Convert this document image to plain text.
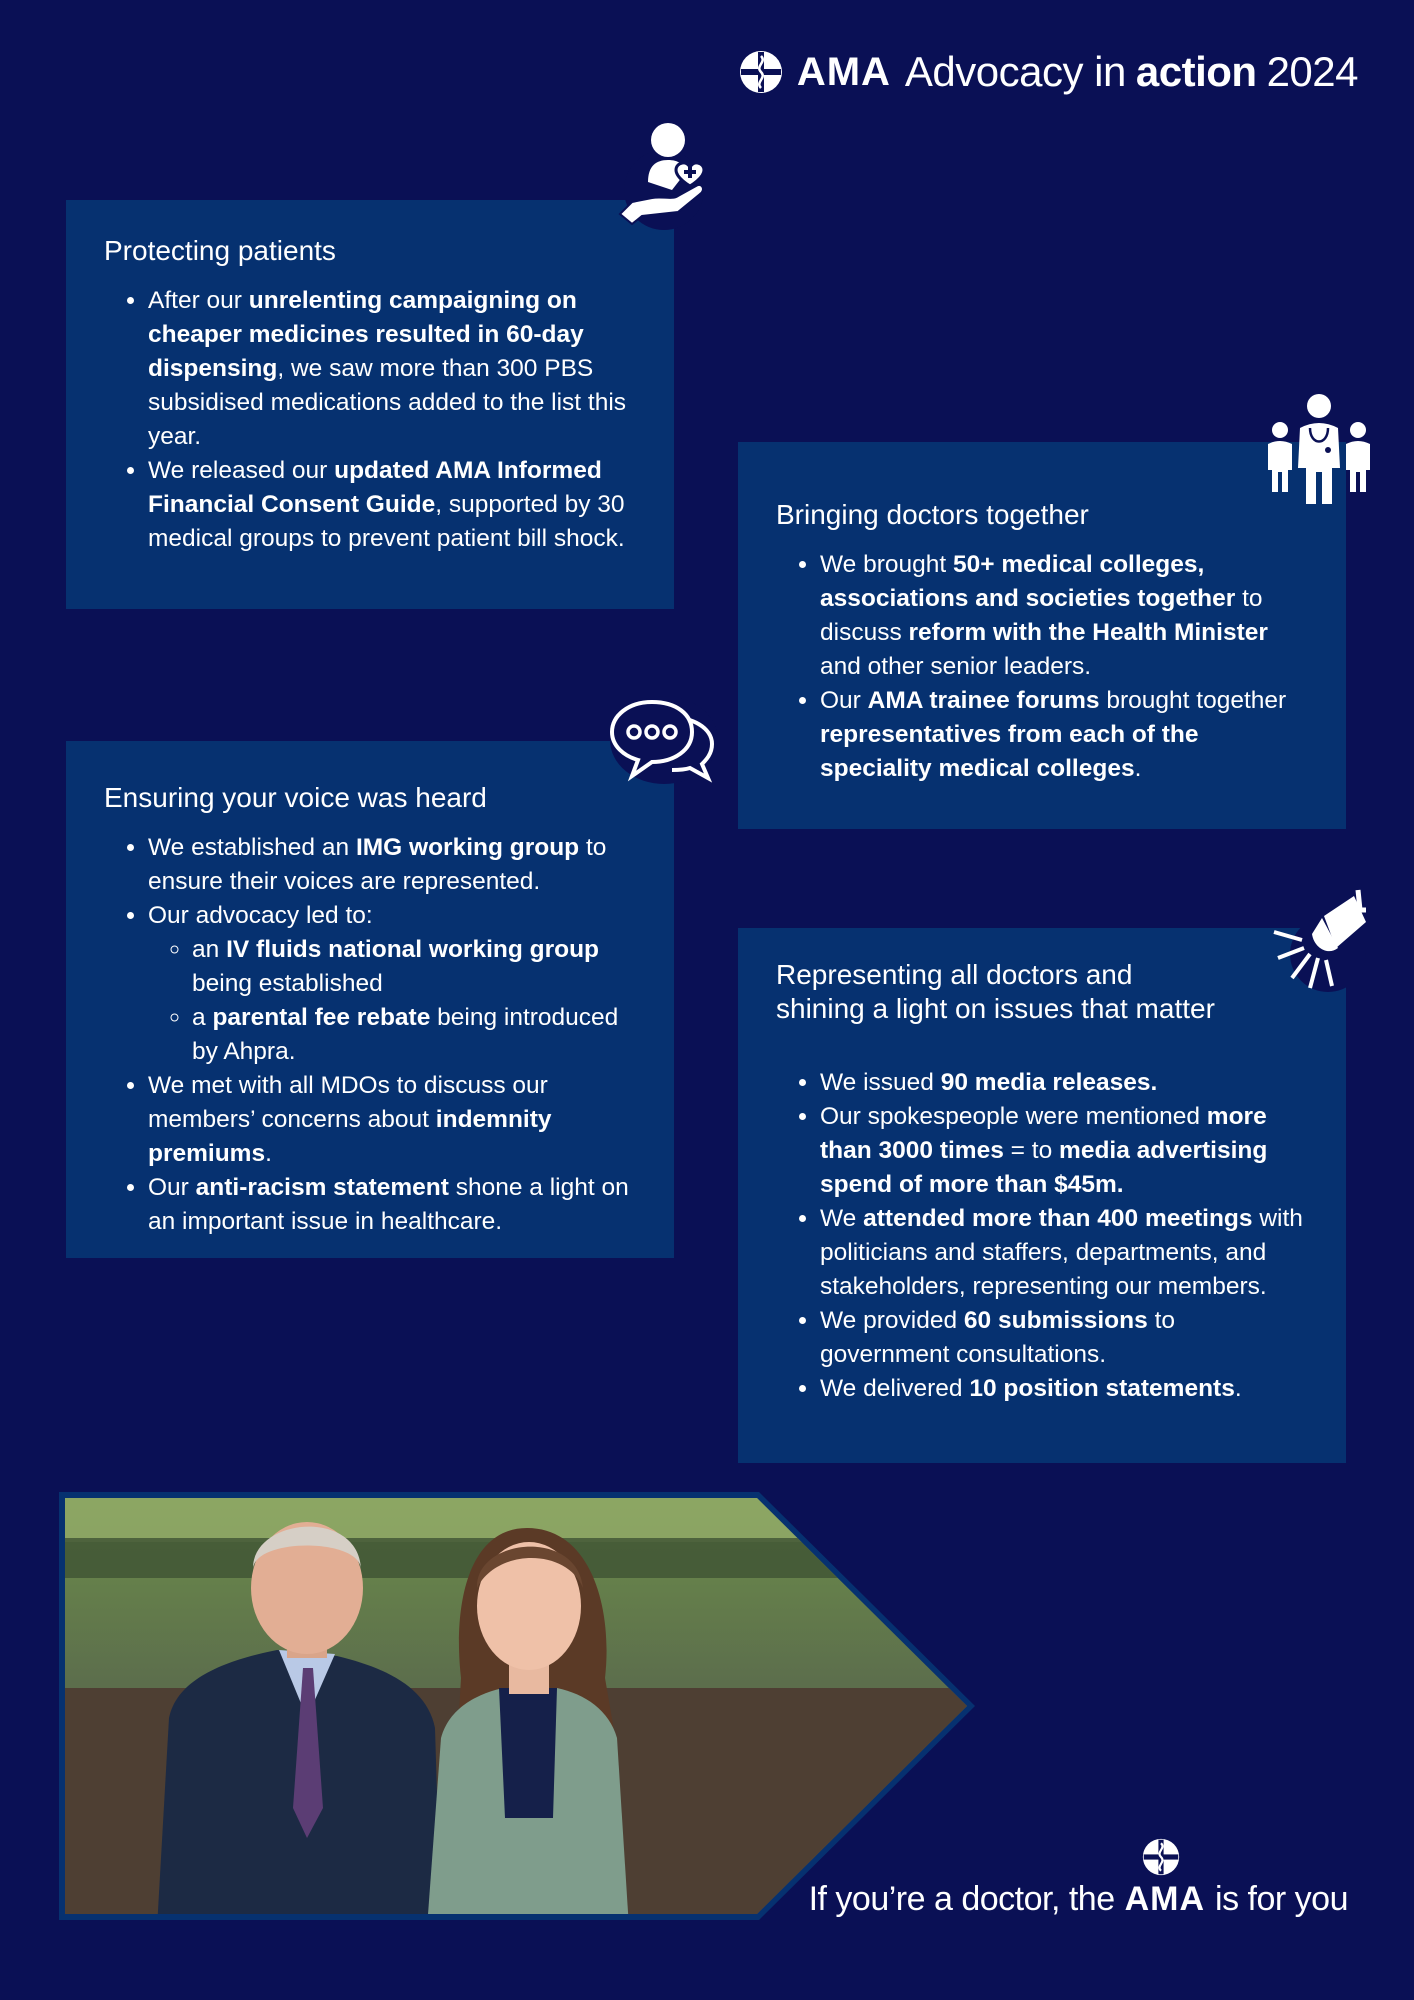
AMA Advocacy in action 2024
Protecting patients
• After our unrelenting campaigning on cheaper medicines resulted in 60-day dispensing, we saw more than 300 PBS subsidised medications added to the list this year.
• We released our updated AMA Informed Financial Consent Guide, supported by 30 medical groups to prevent patient bill shock.
Bringing doctors together
• We brought 50+ medical colleges, associations and societies together to discuss reform with the Health Minister and other senior leaders.
• Our AMA trainee forums brought together representatives from each of the speciality medical colleges.
Ensuring your voice was heard
• We established an IMG working group to ensure their voices are represented.
• Our advocacy led to:
◦ an IV fluids national working group being established
◦ a parental fee rebate being introduced by Ahpra.
• We met with all MDOs to discuss our members’ concerns about indemnity premiums.
• Our anti-racism statement shone a light on an important issue in healthcare.
Representing all doctors and
shining a light on issues that matter
• We issued 90 media releases.
• Our spokespeople were mentioned more than 3000 times = to media advertising spend of more than $45m.
• We attended more than 400 meetings with politicians and staffers, departments, and stakeholders, representing our members.
• We provided 60 submissions to government consultations.
• We delivered 10 position statements.
If you’re a doctor, the AMA is for you
